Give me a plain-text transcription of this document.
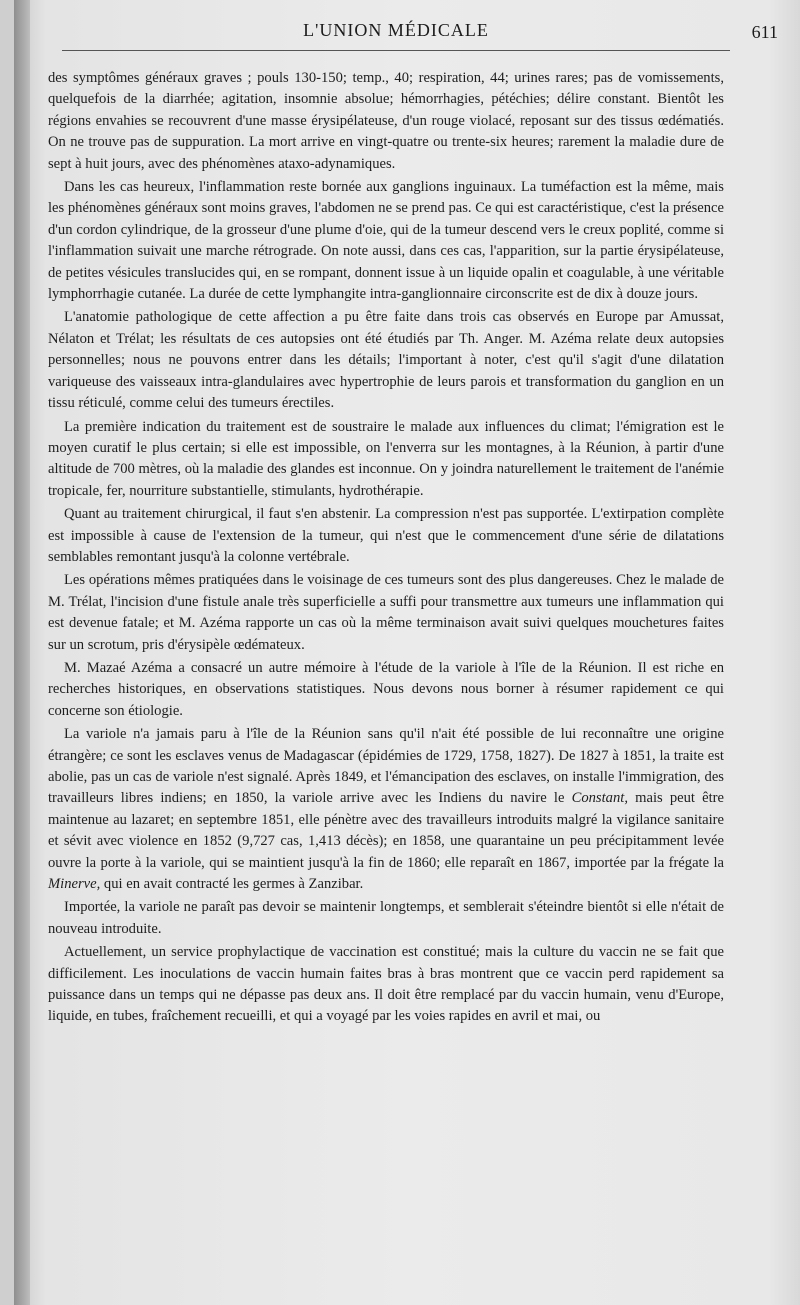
L'UNION MÉDICALE	611

des symptômes généraux graves ; pouls 130-150; temp., 40; respiration, 44; urines rares; pas de vomissements, quelquefois de la diarrhée; agitation, insomnie absolue; hémorrhagies, pétéchies; délire constant. Bientôt les régions envahies se recouvrent d'une masse érysipélateuse, d'un rouge violacé, reposant sur des tissus œdématiés. On ne trouve pas de suppuration. La mort arrive en vingt-quatre ou trente-six heures; rarement la maladie dure de sept à huit jours, avec des phénomènes ataxo-adynamiques.

Dans les cas heureux, l'inflammation reste bornée aux ganglions inguinaux. La tuméfaction est la même, mais les phénomènes généraux sont moins graves, l'abdomen ne se prend pas. Ce qui est caractéristique, c'est la présence d'un cordon cylindrique, de la grosseur d'une plume d'oie, qui de la tumeur descend vers le creux poplité, comme si l'inflammation suivait une marche rétrograde. On note aussi, dans ces cas, l'apparition, sur la partie érysipélateuse, de petites vésicules translucides qui, en se rompant, donnent issue à un liquide opalin et coagulable, à une véritable lymphorrhagie cutanée. La durée de cette lymphangite intra-ganglionnaire circonscrite est de dix à douze jours.

L'anatomie pathologique de cette affection a pu être faite dans trois cas observés en Europe par Amussat, Nélaton et Trélat; les résultats de ces autopsies ont été étudiés par Th. Anger. M. Azéma relate deux autopsies personnelles; nous ne pouvons entrer dans les détails; l'important à noter, c'est qu'il s'agit d'une dilatation variqueuse des vaisseaux intra-glandulaires avec hypertrophie de leurs parois et transformation du ganglion en un tissu réticulé, comme celui des tumeurs érectiles.

La première indication du traitement est de soustraire le malade aux influences du climat; l'émigration est le moyen curatif le plus certain; si elle est impossible, on l'enverra sur les montagnes, à la Réunion, à partir d'une altitude de 700 mètres, où la maladie des glandes est inconnue. On y joindra naturellement le traitement de l'anémie tropicale, fer, nourriture substantielle, stimulants, hydrothérapie.

Quant au traitement chirurgical, il faut s'en abstenir. La compression n'est pas supportée. L'extirpation complète est impossible à cause de l'extension de la tumeur, qui n'est que le commencement d'une série de dilatations semblables remontant jusqu'à la colonne vertébrale.

Les opérations mêmes pratiquées dans le voisinage de ces tumeurs sont des plus dangereuses. Chez le malade de M. Trélat, l'incision d'une fistule anale très superficielle a suffi pour transmettre aux tumeurs une inflammation qui est devenue fatale; et M. Azéma rapporte un cas où la même terminaison avait suivi quelques mouchetures faites sur un scrotum, pris d'érysipèle œdémateux.

M. Mazaé Azéma a consacré un autre mémoire à l'étude de la variole à l'île de la Réunion. Il est riche en recherches historiques, en observations statistiques. Nous devons nous borner à résumer rapidement ce qui concerne son étiologie.

La variole n'a jamais paru à l'île de la Réunion sans qu'il n'ait été possible de lui reconnaître une origine étrangère; ce sont les esclaves venus de Madagascar (épidémies de 1729, 1758, 1827). De 1827 à 1851, la traite est abolie, pas un cas de variole n'est signalé. Après 1849, et l'émancipation des esclaves, on installe l'immigration, des travailleurs libres indiens; en 1850, la variole arrive avec les Indiens du navire le Constant, mais peut être maintenue au lazaret; en septembre 1851, elle pénètre avec des travailleurs introduits malgré la vigilance sanitaire et sévit avec violence en 1852 (9,727 cas, 1,413 décès); en 1858, une quarantaine un peu précipitamment levée ouvre la porte à la variole, qui se maintient jusqu'à la fin de 1860; elle reparaît en 1867, importée par la frégate la Minerve, qui en avait contracté les germes à Zanzibar.

Importée, la variole ne paraît pas devoir se maintenir longtemps, et semblerait s'éteindre bientôt si elle n'était de nouveau introduite.

Actuellement, un service prophylactique de vaccination est constitué; mais la culture du vaccin ne se fait que difficilement. Les inoculations de vaccin humain faites bras à bras montrent que ce vaccin perd rapidement sa puissance dans un temps qui ne dépasse pas deux ans. Il doit être remplacé par du vaccin humain, venu d'Europe, liquide, en tubes, fraîchement recueilli, et qui a voyagé par les voies rapides en avril et mai, ou
